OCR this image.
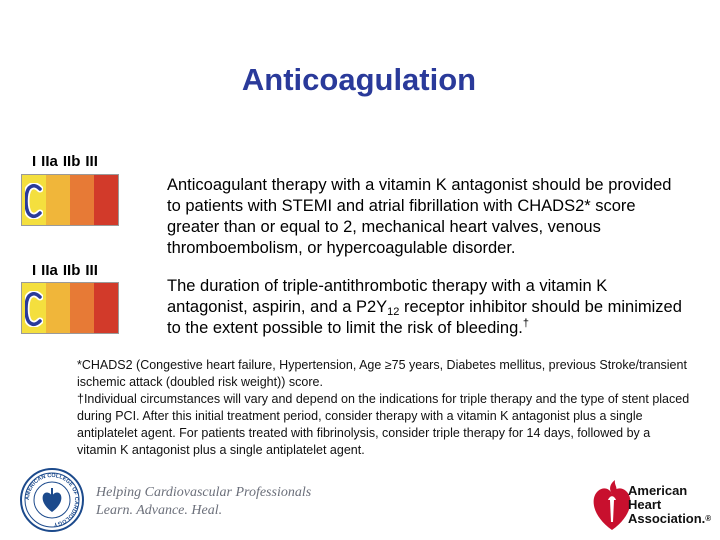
Anticoagulation
I IIa IIb III
Anticoagulant therapy with a vitamin K antagonist should be provided to patients with STEMI and atrial fibrillation with CHADS2* score greater than or equal to 2, mechanical heart valves, venous thromboembolism, or hypercoagulable disorder.
I IIa IIb III
The duration of triple-antithrombotic therapy with a vitamin K antagonist, aspirin, and a $P2Y_{12}$ receptor inhibitor should be minimized to the extent possible to limit the risk of bleeding.†

*CHADS2 (Congestive heart failure, Hypertension, Age ≥75 years, Diabetes mellitus, previous Stroke/transient ischemic attack (doubled risk weight)) score.

†Individual circumstances will vary and depend on the indications for triple therapy and the type of stent placed during PCI. After this initial treatment period, consider therapy with a vitamin K antagonist plus a single antiplatelet agent. For patients treated with fibrinolysis, consider triple therapy for 14 days, followed by a vitamin K antagonist plus a single antiplatelet agent.

AMERICAN COLLEGE OF CARDIOLOGY
Helping Cardiovascular Professionals
Learn. Advance. Heal.
American
Heart
Association.®
